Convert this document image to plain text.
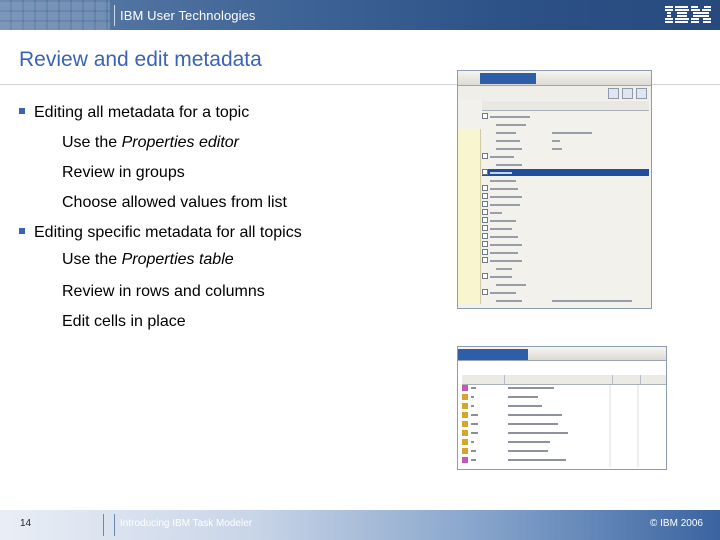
IBM User Technologies
Review and edit metadata
Editing all metadata for a topic
Use the Properties editor
Review in groups
Choose allowed values from list
Editing specific metadata for all topics
Use the Properties table
Review in rows and columns
Edit cells in place
14	Introducing IBM Task Modeler	© IBM 2006
